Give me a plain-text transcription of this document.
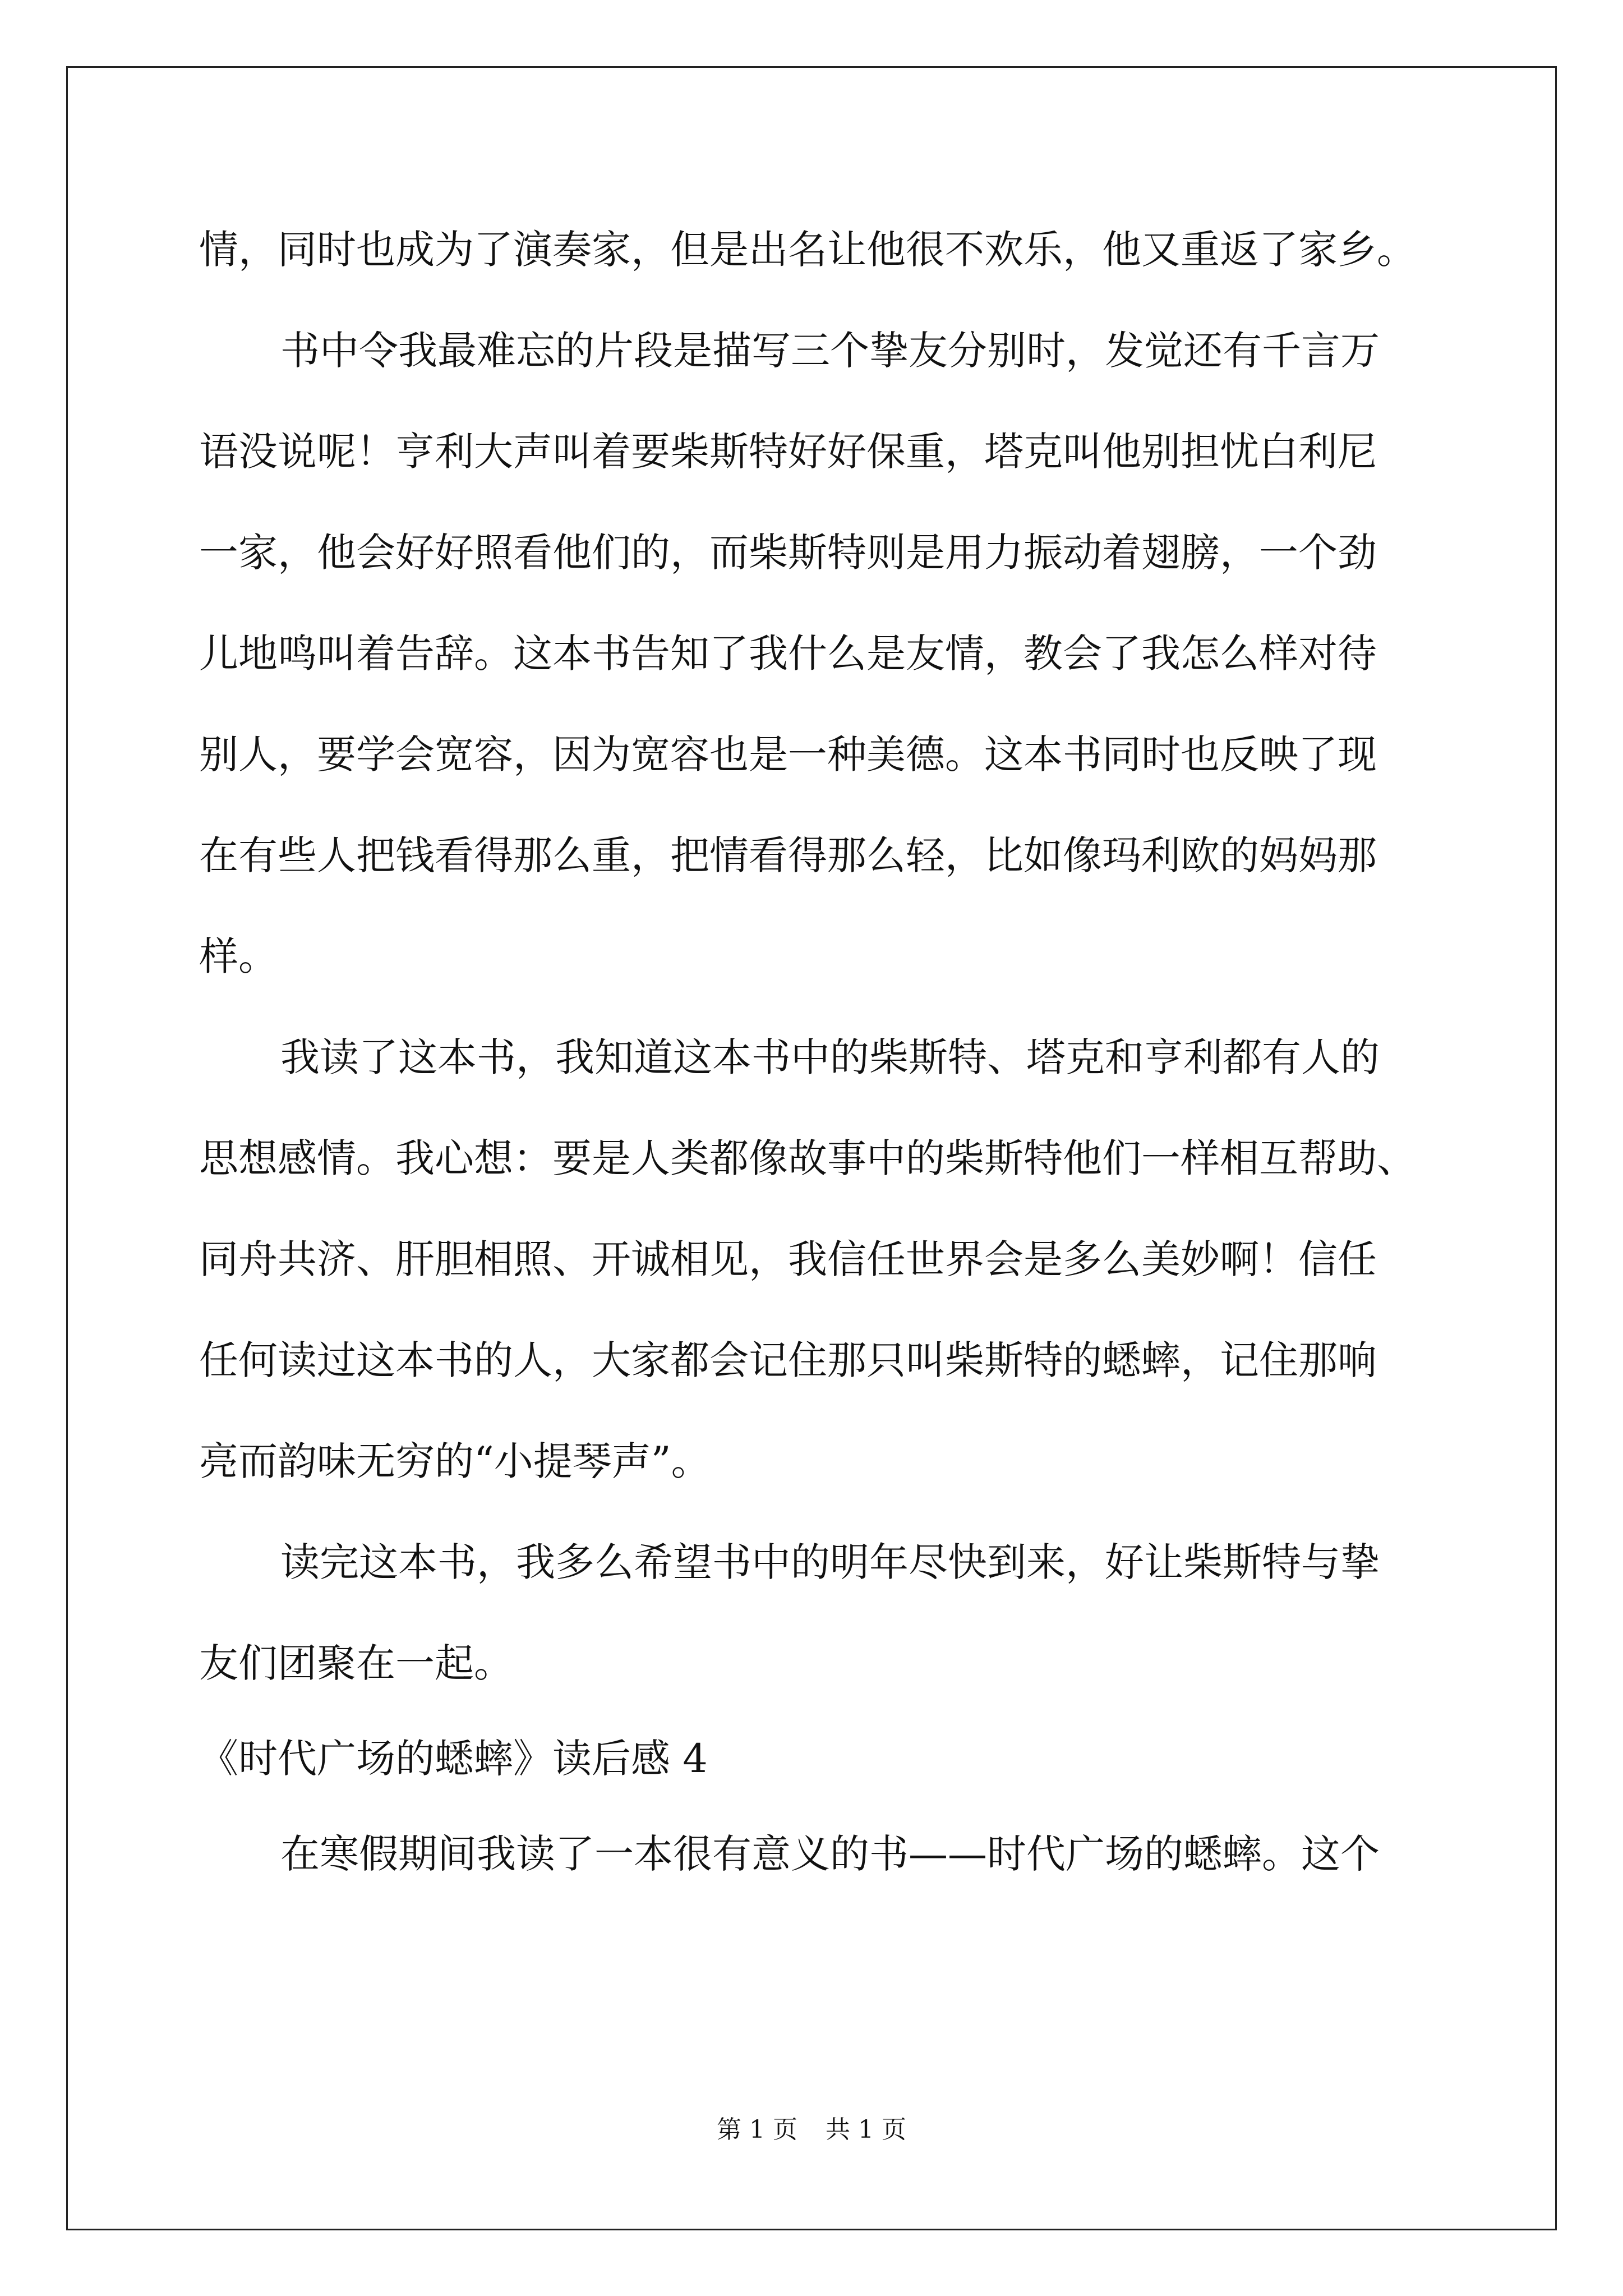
情，同时也成为了演奏家，但是出名让他很不欢乐，他又重返了家乡。
书中令我最难忘的片段是描写三个挚友分别时，发觉还有千言万
语没说呢！亨利大声叫着要柴斯特好好保重，塔克叫他别担忧白利尼
一家，他会好好照看他们的，而柴斯特则是用力振动着翅膀，一个劲
儿地鸣叫着告辞。这本书告知了我什么是友情，教会了我怎么样对待
别人，要学会宽容，因为宽容也是一种美德。这本书同时也反映了现
在有些人把钱看得那么重，把情看得那么轻，比如像玛利欧的妈妈那
样。
我读了这本书，我知道这本书中的柴斯特、塔克和亨利都有人的
思想感情。我心想：要是人类都像故事中的柴斯特他们一样相互帮助、
同舟共济、肝胆相照、开诚相见，我信任世界会是多么美妙啊！信任
任何读过这本书的人，大家都会记住那只叫柴斯特的蟋蟀，记住那响
亮而韵味无穷的“小提琴声”。
读完这本书，我多么希望书中的明年尽快到来，好让柴斯特与挚
友们团聚在一起。
《时代广场的蟋蟀》读后感 4
在寒假期间我读了一本很有意义的书——时代广场的蟋蟀。这个
第 1 页 共 1 页
